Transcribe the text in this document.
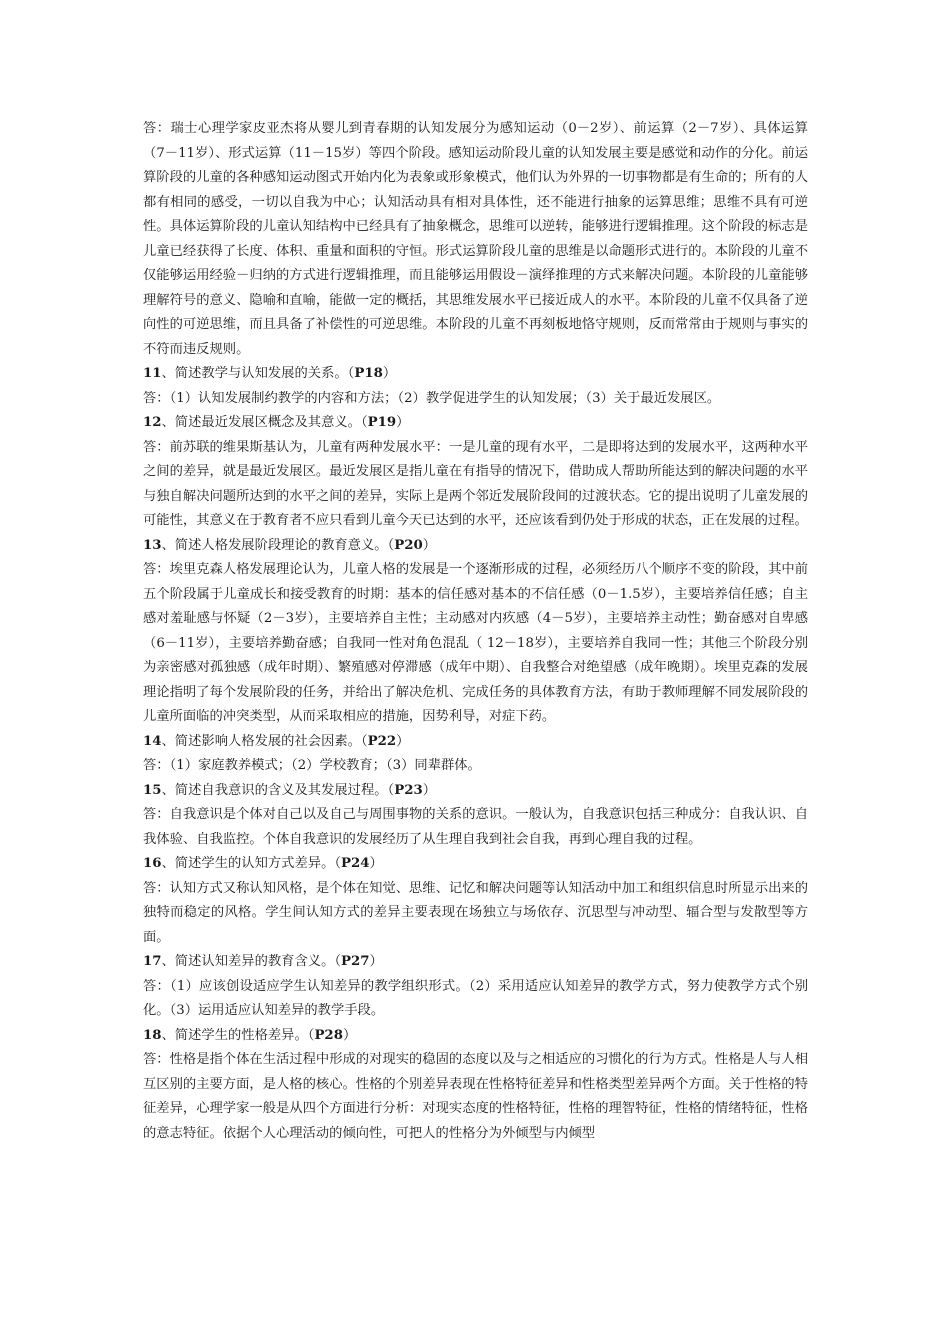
答：瑞士心理学家皮亚杰将从婴儿到青春期的认知发展分为感知运动（0－2岁）、前运算（2－7岁）、具体运算（7－11岁）、形式运算（11－15岁）等四个阶段。感知运动阶段儿童的认知发展主要是感觉和动作的分化。前运算阶段的儿童的各种感知运动图式开始内化为表象或形象模式，他们认为外界的一切事物都是有生命的；所有的人都有相同的感受，一切以自我为中心；认知活动具有相对具体性，还不能进行抽象的运算思维；思维不具有可逆性。具体运算阶段的儿童认知结构中已经具有了抽象概念，思维可以逆转，能够进行逻辑推理。这个阶段的标志是儿童已经获得了长度、体积、重量和面积的守恒。形式运算阶段儿童的思维是以命题形式进行的。本阶段的儿童不仅能够运用经验－归纳的方式进行逻辑推理，而且能够运用假设－演绎推理的方式来解决问题。本阶段的儿童能够理解符号的意义、隐喻和直喻，能做一定的概括，其思维发展水平已接近成人的水平。本阶段的儿童不仅具备了逆向性的可逆思维，而且具备了补偿性的可逆思维。本阶段的儿童不再刻板地恪守规则，反而常常由于规则与事实的不符而违反规则。

11、简述教学与认知发展的关系。（P18）

答：（1）认知发展制约教学的内容和方法；（2）教学促进学生的认知发展；（3）关于最近发展区。

12、简述最近发展区概念及其意义。（P19）

答：前苏联的维果斯基认为，儿童有两种发展水平：一是儿童的现有水平，二是即将达到的发展水平，这两种水平之间的差异，就是最近发展区。最近发展区是指儿童在有指导的情况下，借助成人帮助所能达到的解决问题的水平与独自解决问题所达到的水平之间的差异，实际上是两个邻近发展阶段间的过渡状态。它的提出说明了儿童发展的可能性，其意义在于教育者不应只看到儿童今天已达到的水平，还应该看到仍处于形成的状态，正在发展的过程。

13、简述人格发展阶段理论的教育意义。（P20）

答：埃里克森人格发展理论认为，儿童人格的发展是一个逐渐形成的过程，必须经历八个顺序不变的阶段，其中前五个阶段属于儿童成长和接受教育的时期：基本的信任感对基本的不信任感（0－1.5岁），主要培养信任感；自主感对羞耻感与怀疑（2－3岁），主要培养自主性；主动感对内疚感（4－5岁），主要培养主动性；勤奋感对自卑感（6－11岁），主要培养勤奋感；自我同一性对角色混乱（ 12－18岁），主要培养自我同一性；其他三个阶段分别为亲密感对孤独感（成年时期）、繁殖感对停滞感（成年中期）、自我整合对绝望感（成年晚期）。埃里克森的发展理论指明了每个发展阶段的任务，并给出了解决危机、完成任务的具体教育方法，有助于教师理解不同发展阶段的儿童所面临的冲突类型，从而采取相应的措施，因势利导，对症下药。

14、简述影响人格发展的社会因素。（P22）

答：（1）家庭教养模式；（2）学校教育；（3）同辈群体。

15、简述自我意识的含义及其发展过程。（P23）

答：自我意识是个体对自己以及自己与周围事物的关系的意识。一般认为，自我意识包括三种成分：自我认识、自我体验、自我监控。个体自我意识的发展经历了从生理自我到社会自我，再到心理自我的过程。

16、简述学生的认知方式差异。（P24）

答：认知方式又称认知风格，是个体在知觉、思维、记忆和解决问题等认知活动中加工和组织信息时所显示出来的独特而稳定的风格。学生间认知方式的差异主要表现在场独立与场依存、沉思型与冲动型、辐合型与发散型等方面。

17、简述认知差异的教育含义。（P27）

答：（1）应该创设适应学生认知差异的教学组织形式。（2）采用适应认知差异的教学方式，努力使教学方式个别化。（3）运用适应认知差异的教学手段。

18、简述学生的性格差异。（P28）

答：性格是指个体在生活过程中形成的对现实的稳固的态度以及与之相适应的习惯化的行为方式。性格是人与人相互区别的主要方面，是人格的核心。性格的个别差异表现在性格特征差异和性格类型差异两个方面。关于性格的特征差异，心理学家一般是从四个方面进行分析：对现实态度的性格特征，性格的理智特征，性格的情绪特征，性格的意志特征。依据个人心理活动的倾向性，可把人的性格分为外倾型与内倾型
